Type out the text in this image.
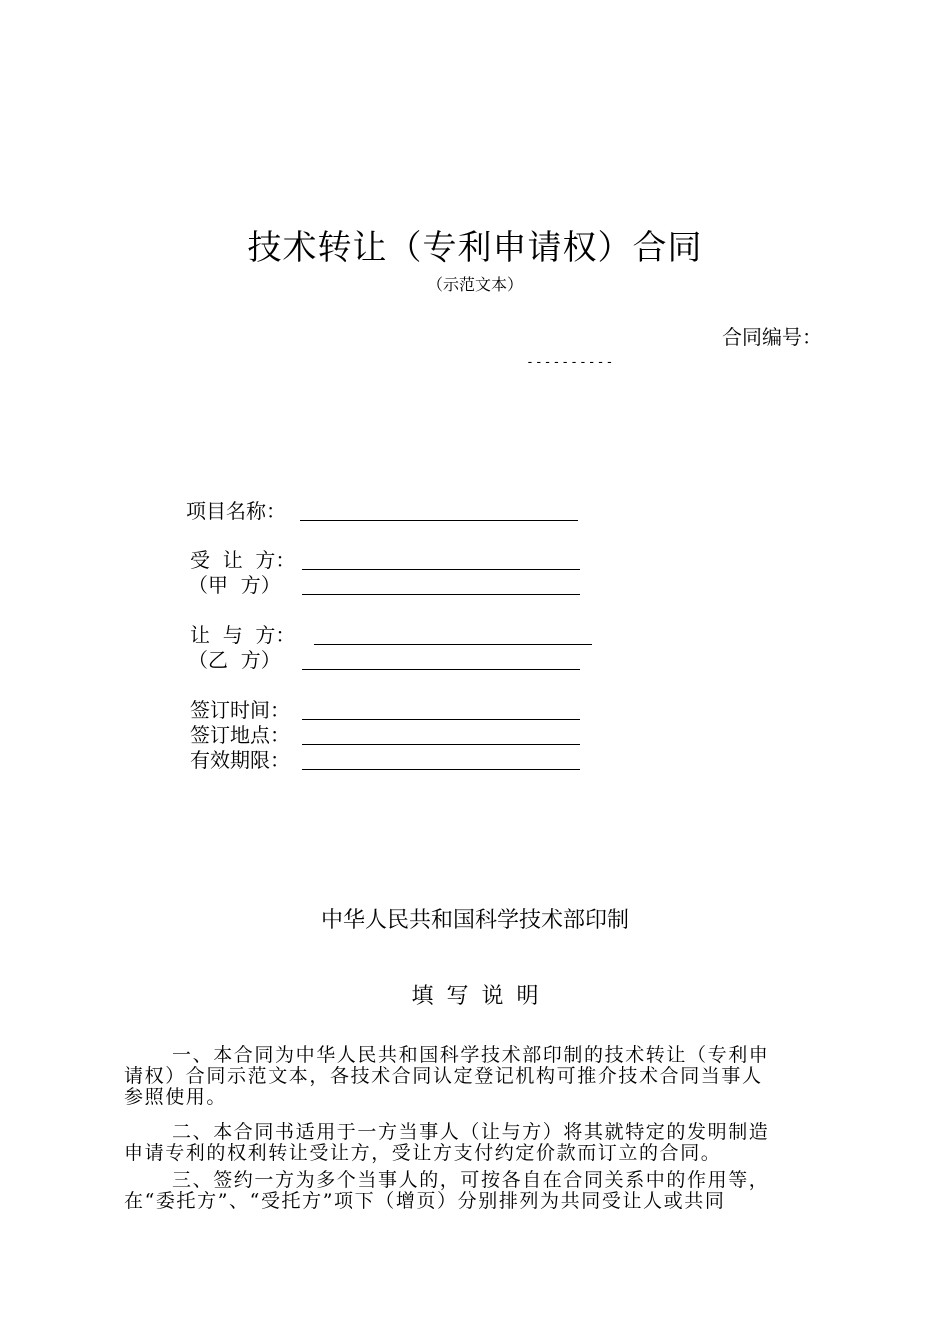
技术转让（专利申请权）合同
（示范文本）
合同编号：
----------
项目名称：
受  让  方：
（甲  方）
让  与  方：
（乙  方）
签订时间：
签订地点：
有效期限：
中华人民共和国科学技术部印制
填写说明
一、本合同为中华人民共和国科学技术部印制的技术转让（专利申
请权）合同示范文本，各技术合同认定登记机构可推介技术合同当事人
参照使用。
二、本合同书适用于一方当事人（让与方）将其就特定的发明制造
申请专利的权利转让受让方，受让方支付约定价款而订立的合同。
三、签约一方为多个当事人的，可按各自在合同关系中的作用等，
在“委托方”、“受托方”项下（增页）分别排列为共同受让人或共同
